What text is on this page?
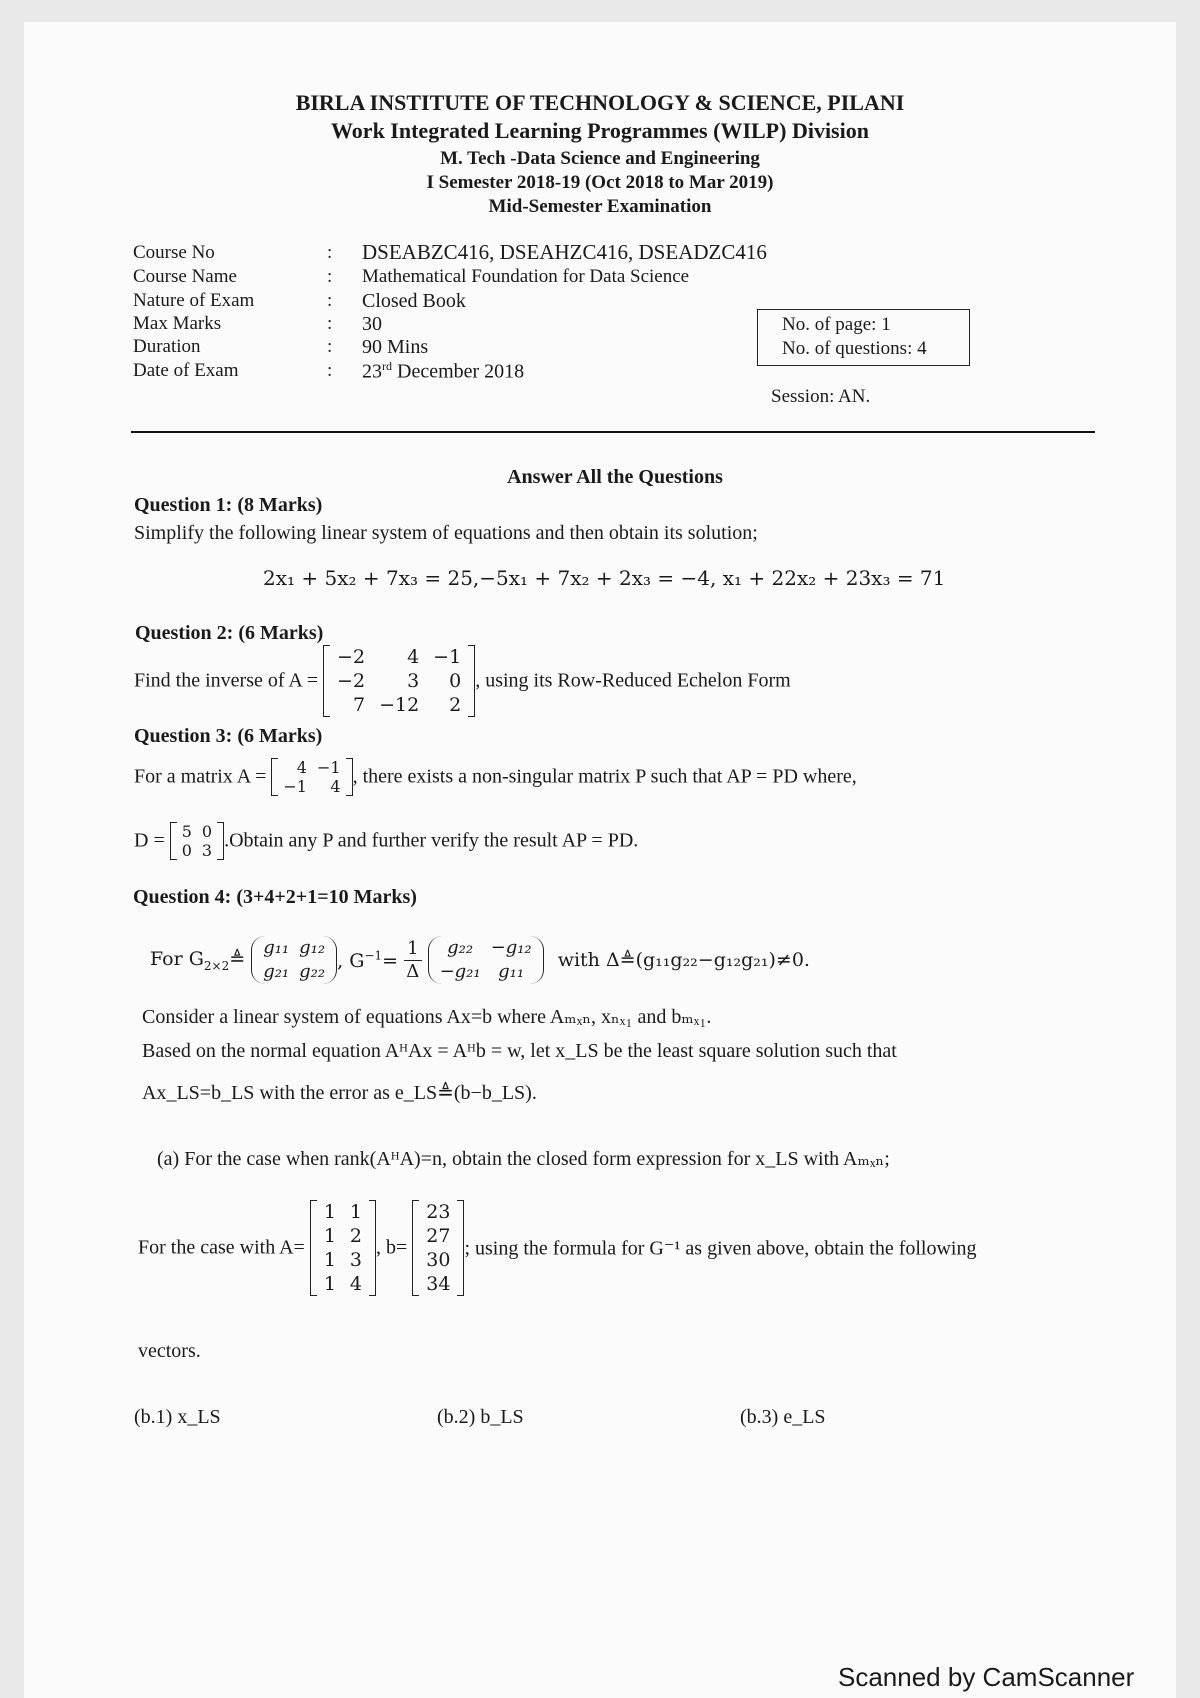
BIRLA INSTITUTE OF TECHNOLOGY & SCIENCE, PILANI
Work Integrated Learning Programmes (WILP) Division
M. Tech -Data Science and Engineering
I Semester 2018-19 (Oct 2018 to Mar 2019)
Mid-Semester Examination
Course No	: DSEABZC416, DSEAHZC416, DSEADZC416
Course Name	: Mathematical Foundation for Data Science
Nature of Exam	: Closed Book
Max Marks	: 30
Duration	: 90 Mins
Date of Exam	: 23rd December 2018
No. of page: 1
No. of questions: 4
Session: AN.
Answer All the Questions
Question 1: (8 Marks)
Simplify the following linear system of equations and then obtain its solution;
2x₁ + 5x₂ + 7x₃ = 25,−5x₁ + 7x₂ + 2x₃ = −4, x₁ + 22x₂ + 23x₃ = 71
Question 2: (6 Marks)
Find the inverse of A =
−2	4	−1
−2	3	0
7	−12	2
, using its Row-Reduced Echelon Form
Question 3: (6 Marks)
For a matrix A = 4	−1
−1	4 , there exists a non-singular matrix P such that AP = PD where,
D = 5	0
0	3 .Obtain any P and further verify the result AP = PD.
Question 4: (3+4+2+1=10 Marks)
For $G_{2\times 2}≜$
g₁₁	g₁₂
g₂₁	g₂₂ , $G^{-1}= \frac{1}{\Delta}$
g₂₂	−g₁₂
−g₂₁	g₁₁
with Δ≜(g₁₁g₂₂−g₁₂g₂₁)≠0.
Consider a linear system of equations Ax=b where Aₘₓₙ, xₙₓ₁ and bₘₓ₁.
Based on the normal equation AᴴAx = Aᴴb = w, let x_LS be the least square solution such that
Ax_LS=b_LS with the error as e_LS≜(b−b_LS).
(a) For the case when rank(AᴴA)=n, obtain the closed form expression for x_LS with Aₘₓₙ;
For the case with A=
1	1
1	2
1	3
1	4
, b=
23
27
30
34
; using the formula for G⁻¹ as given above, obtain the following
vectors.
(b.1) x_LS	(b.2) b_LS	(b.3) e_LS
Scanned by CamScanner
